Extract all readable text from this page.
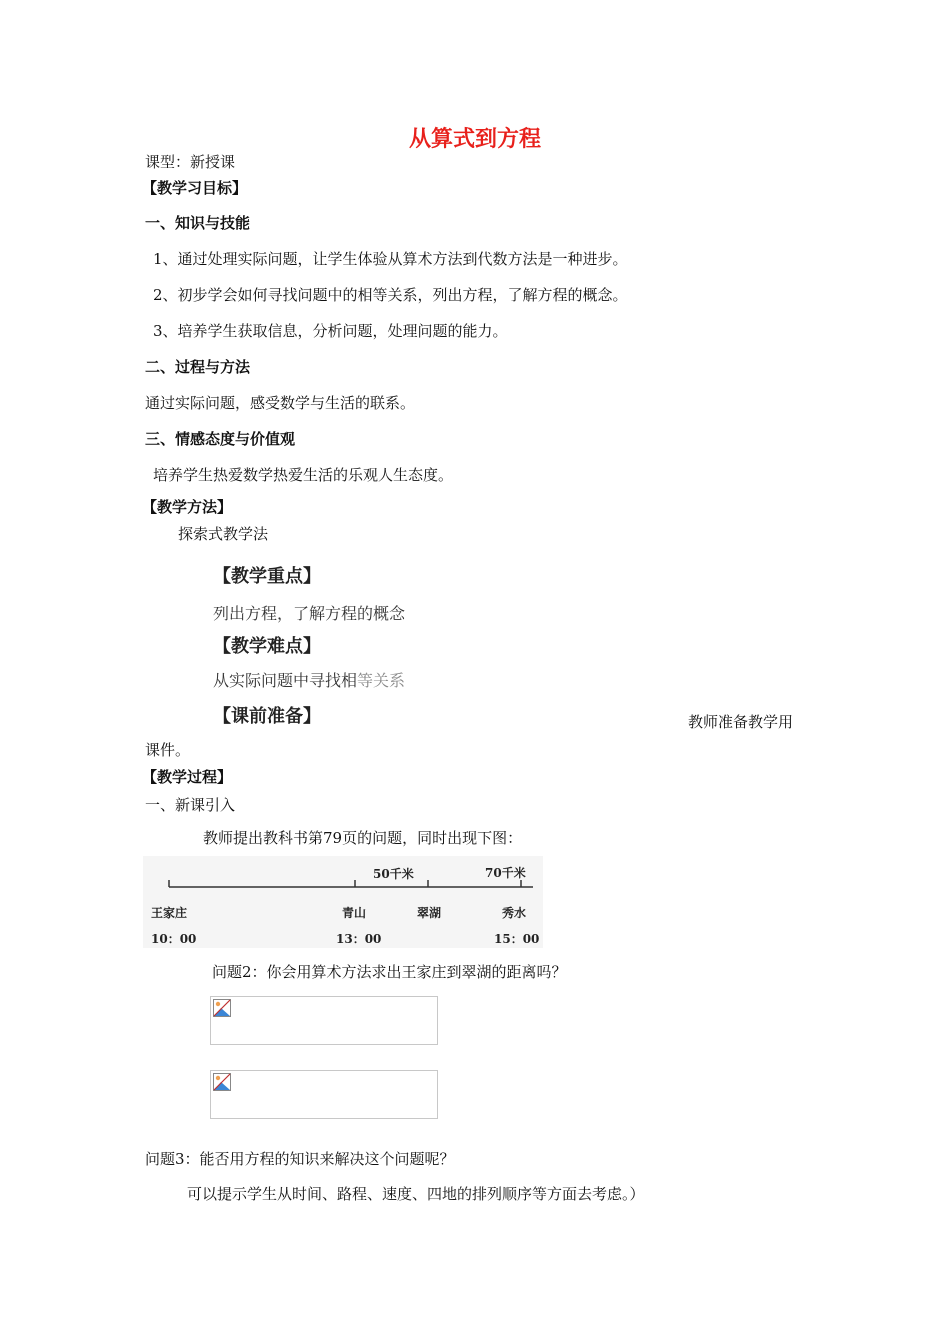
从算式到方程
课型：新授课
【教学习目标】
一、知识与技能
1、通过处理实际问题，让学生体验从算术方法到代数方法是一种进步。
2、初步学会如何寻找问题中的相等关系，列出方程，了解方程的概念。
3、培养学生获取信息，分析问题，处理问题的能力。
二、过程与方法
通过实际问题，感受数学与生活的联系。
三、情感态度与价值观
培养学生热爱数学热爱生活的乐观人生态度。
【教学方法】
探索式教学法
【教学重点】
列出方程，了解方程的概念
【教学难点】
从实际问题中寻找相等关系
【课前准备】	教师准备教学用
课件。
【教学过程】
一、新课引入
教师提出教科书第79页的问题，同时出现下图：
50千米	70千米
王家庄	青山	翠湖	秀水
10：00	13：00	15：00
问题2：你会用算术方法求出王家庄到翠湖的距离吗？
问题3：能否用方程的知识来解决这个问题呢？
可以提示学生从时间、路程、速度、四地的排列顺序等方面去考虑。）
